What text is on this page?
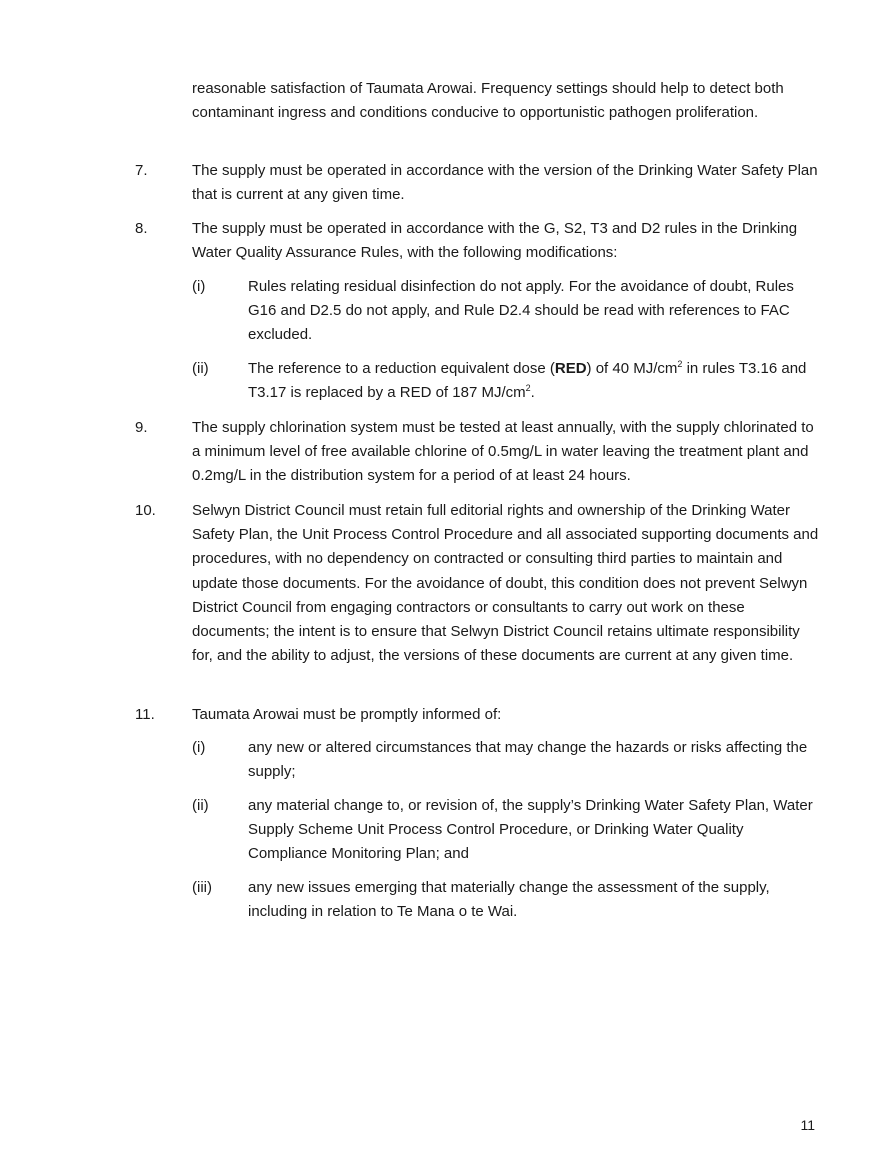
reasonable satisfaction of Taumata Arowai. Frequency settings should help to detect both contaminant ingress and conditions conducive to opportunistic pathogen proliferation.

7.	The supply must be operated in accordance with the version of the Drinking Water Safety Plan that is current at any given time.

8.	The supply must be operated in accordance with the G, S2, T3 and D2 rules in the Drinking Water Quality Assurance Rules, with the following modifications:

(i)	Rules relating residual disinfection do not apply. For the avoidance of doubt, Rules G16 and D2.5 do not apply, and Rule D2.4 should be read with references to FAC excluded.

(ii)	The reference to a reduction equivalent dose (RED) of 40 $MJ/cm^2$ in rules T3.16 and T3.17 is replaced by a RED of 187 $MJ/cm^2$.

9.	The supply chlorination system must be tested at least annually, with the supply chlorinated to a minimum level of free available chlorine of 0.5mg/L in water leaving the treatment plant and 0.2mg/L in the distribution system for a period of at least 24 hours.

10. Selwyn District Council must retain full editorial rights and ownership of the Drinking Water Safety Plan, the Unit Process Control Procedure and all associated supporting documents and procedures, with no dependency on contracted or consulting third parties to maintain and update those documents. For the avoidance of doubt, this condition does not prevent Selwyn District Council from engaging contractors or consultants to carry out work on these documents; the intent is to ensure that Selwyn District Council retains ultimate responsibility for, and the ability to adjust, the versions of these documents are current at any given time.

11. Taumata Arowai must be promptly informed of:

(i)	any new or altered circumstances that may change the hazards or risks affecting the supply;

(ii)	any material change to, or revision of, the supply’s Drinking Water Safety Plan, Water Supply Scheme Unit Process Control Procedure, or Drinking Water Quality Compliance Monitoring Plan; and

(iii) any new issues emerging that materially change the assessment of the supply, including in relation to Te Mana o te Wai.

11
